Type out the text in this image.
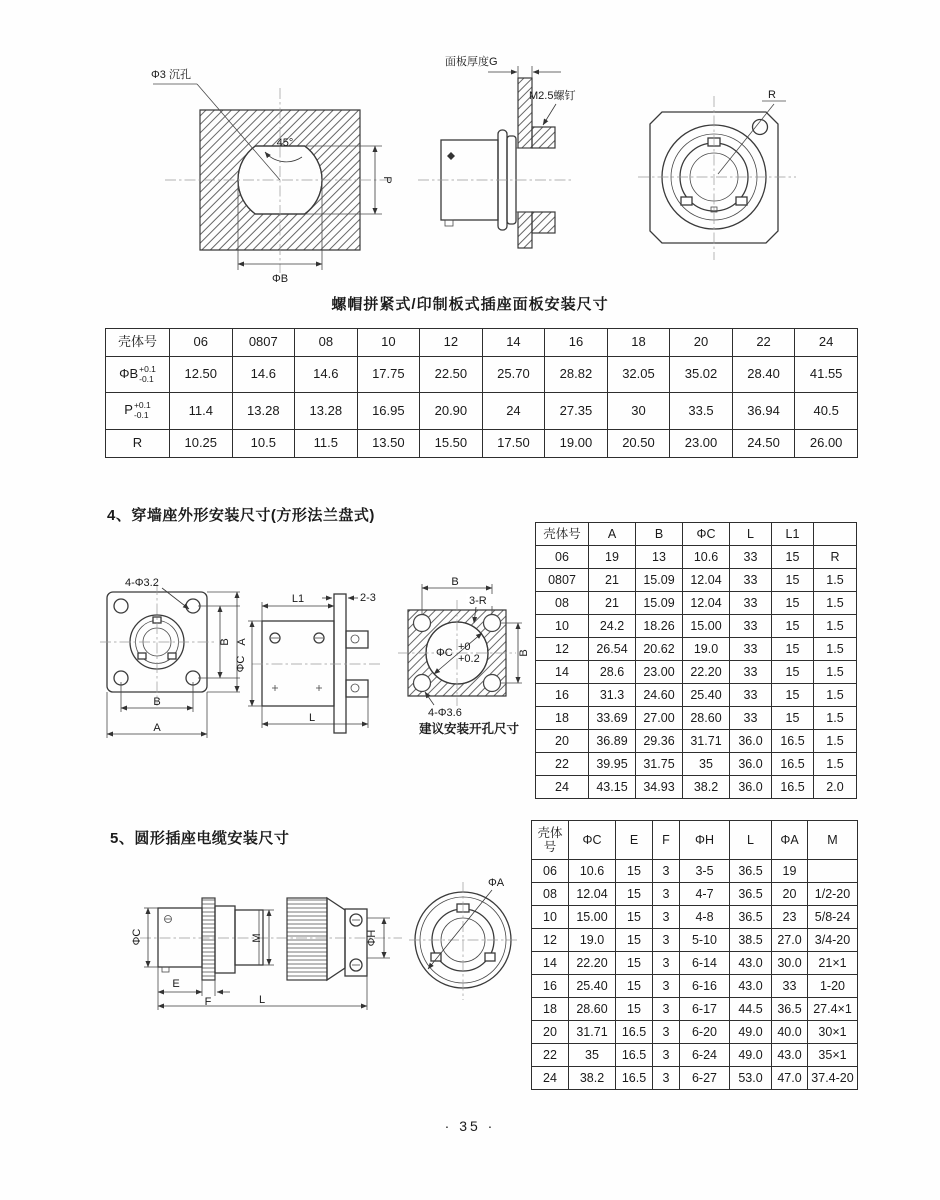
Φ3 沉孔
45°
P
ΦB
面板厚度G
M2.5螺钉	R
螺帽拼紧式/印制板式插座面板安装尺寸
壳体号	06	0807	08	10	12	14	16	18	20	22	24
ΦB +0.1
-0.1	12.50	14.6	14.6	17.75	22.50	25.70	28.82	32.05	35.02	28.40	41.55
P +0.1
-0.1	11.4	13.28	13.28	16.95	20.90	24	27.35	30	33.5	36.94	40.5
R	10.25	10.5	11.5	13.50	15.50	17.50	19.00	20.50	23.00	24.50	26.00
4、穿墙座外形安装尺寸(方形法兰盘式)
4-Φ3.2
B
A
B A
L1	2-3
ΦC
L
B
3-R
ΦC +0
+0.2
4-Φ3.6
B
建议安装开孔尺寸
壳体号	A	B	ΦC	L	L1	
06	19	13	10.6	33	15	R
0807	21	15.09	12.04	33	15	1.5
08	21	15.09	12.04	33	15	1.5
10	24.2	18.26	15.00	33	15	1.5
12	26.54	20.62	19.0	33	15	1.5
14	28.6	23.00	22.20	33	15	1.5
16	31.3	24.60	25.40	33	15	1.5
18	33.69	27.00	28.60	33	15	1.5
20	36.89	29.36	31.71	36.0	16.5	1.5
22	39.95	31.75	35	36.0	16.5	1.5
24	43.15	34.93	38.2	36.0	16.5	2.0
5、圆形插座电缆安装尺寸
ΦC	M
E
F	L
ΦH
ΦA
壳体号	ΦC	E	F	ΦH	L	ΦA	M
06	10.6	15	3	3-5	36.5	19	
08	12.04	15	3	4-7	36.5	20	1/2-20
10	15.00	15	3	4-8	36.5	23	5/8-24
12	19.0	15	3	5-10	38.5	27.0	3/4-20
14	22.20	15	3	6-14	43.0	30.0	21×1
16	25.40	15	3	6-16	43.0	33	1-20
18	28.60	15	3	6-17	44.5	36.5	27.4×1
20	31.71	16.5	3	6-20	49.0	40.0	30×1
22	35	16.5	3	6-24	49.0	43.0	35×1
24	38.2	16.5	3	6-27	53.0	47.0	37.4-20
· 35 ·
